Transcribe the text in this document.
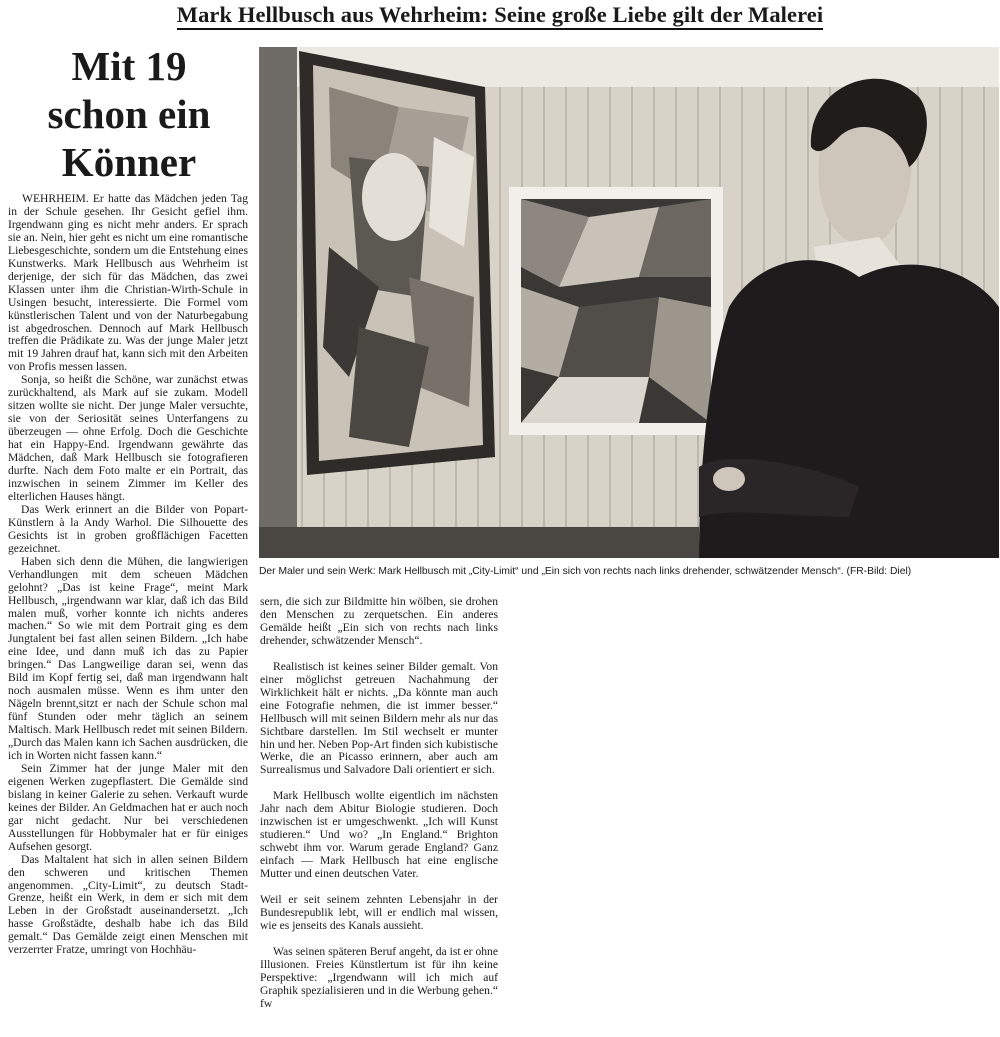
Mark Hellbusch aus Wehrheim: Seine große Liebe gilt der Malerei
Mit 19
schon ein
Könner

WEHRHEIM. Er hatte das Mädchen jeden Tag in der Schule gesehen. Ihr Gesicht gefiel ihm. Irgendwann ging es nicht mehr anders. Er sprach sie an. Nein, hier geht es nicht um eine romantische Liebesgeschichte, sondern um die Entstehung eines Kunstwerks. Mark Hellbusch aus Wehrheim ist derjenige, der sich für das Mädchen, das zwei Klassen unter ihm die Christian-Wirth-Schule in Usingen besucht, interessierte. Die Formel vom künstlerischen Talent und von der Naturbegabung ist abgedroschen. Dennoch auf Mark Hellbusch treffen die Prädikate zu. Was der junge Maler jetzt mit 19 Jahren drauf hat, kann sich mit den Arbeiten von Profis messen lassen.

Sonja, so heißt die Schöne, war zunächst etwas zurückhaltend, als Mark auf sie zukam. Modell sitzen wollte sie nicht. Der junge Maler versuchte, sie von der Seriosität seines Unterfangens zu überzeugen — ohne Erfolg. Doch die Geschichte hat ein Happy-End. Irgendwann gewährte das Mädchen, daß Mark Hellbusch sie fotografieren durfte. Nach dem Foto malte er ein Portrait, das inzwischen in seinem Zimmer im Keller des elterlichen Hauses hängt.

Das Werk erinnert an die Bilder von Popart-Künstlern à la Andy Warhol. Die Silhouette des Gesichts ist in groben großflächigen Facetten gezeichnet.

Haben sich denn die Mühen, die langwierigen Verhandlungen mit dem scheuen Mädchen gelohnt? „Das ist keine Frage“, meint Mark Hellbusch, „irgendwann war klar, daß ich das Bild malen muß, vorher konnte ich nichts anderes machen.“ So wie mit dem Portrait ging es dem Jungtalent bei fast allen seinen Bildern. „Ich habe eine Idee, und dann muß ich das zu Papier bringen.“ Das Langweilige daran sei, wenn das Bild im Kopf fertig sei, daß man irgendwann halt noch ausmalen müsse. Wenn es ihm unter den Nägeln brennt,sitzt er nach der Schule schon mal fünf Stunden oder mehr täglich an seinem Maltisch. Mark Hellbusch redet mit seinen Bildern. „Durch das Malen kann ich Sachen ausdrücken, die ich in Worten nicht fassen kann.“

Sein Zimmer hat der junge Maler mit den eigenen Werken zugepflastert. Die Gemälde sind bislang in keiner Galerie zu sehen. Verkauft wurde keines der Bilder. An Geldmachen hat er auch noch gar nicht gedacht. Nur bei verschiedenen Ausstellungen für Hobbymaler hat er für einiges Aufsehen gesorgt.

Das Maltalent hat sich in allen seinen Bildern den schweren und kritischen Themen angenommen. „City-Limit“, zu deutsch Stadt-Grenze, heißt ein Werk, in dem er sich mit dem Leben in der Großstadt auseinandersetzt. „Ich hasse Großstädte, deshalb habe ich das Bild gemalt.“ Das Gemälde zeigt einen Menschen mit verzerrter Fratze, umringt von Hochhäu-

Der Maler und sein Werk: Mark Hellbusch mit „City-Limit“ und „Ein sich von rechts nach links drehender, schwätzender Mensch“. (FR-Bild: Diel)

sern, die sich zur Bildmitte hin wölben, sie drohen den Menschen zu zerquetschen. Ein anderes Gemälde heißt „Ein sich von rechts nach links drehender, schwätzender Mensch“.

Realistisch ist keines seiner Bilder gemalt. Von einer möglichst getreuen Nachahmung der Wirklichkeit hält er nichts. „Da könnte man auch eine Fotografie nehmen, die ist immer besser.“ Hellbusch will mit seinen Bildern mehr als nur das Sichtbare darstellen. Im Stil wechselt er munter hin und her. Neben Pop-Art finden sich kubistische Werke, die an Picasso erinnern, aber auch am Surrealismus und Salvadore Dali orientiert er sich.

Mark Hellbusch wollte eigentlich im nächsten Jahr nach dem Abitur Biologie studieren. Doch inzwischen ist er umgeschwenkt. „Ich will Kunst studieren.“ Und wo? „In England.“ Brighton schwebt ihm vor. Warum gerade England? Ganz einfach — Mark Hellbusch hat eine englische Mutter und einen deutschen Vater.

Weil er seit seinem zehnten Lebensjahr in der Bundesrepublik lebt, will er endlich mal wissen, wie es jenseits des Kanals aussieht.

Was seinen späteren Beruf angeht, da ist er ohne Illusionen. Freies Künstlertum ist für ihn keine Perspektive: „Irgendwann will ich mich auf Graphik spezialisieren und in die Werbung gehen.“ fw
